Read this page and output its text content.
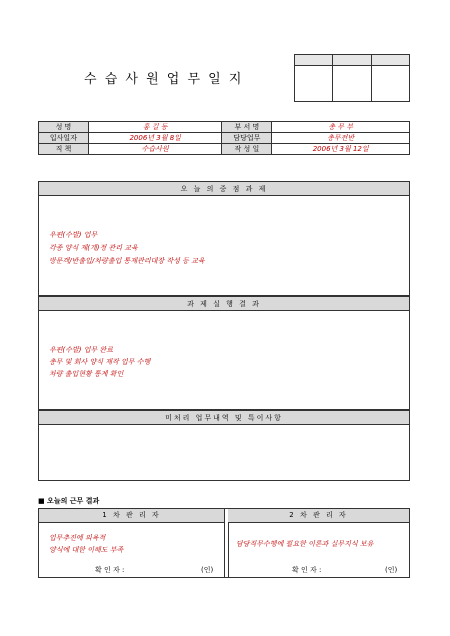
수 습 사 원 업 무 일 지

성 명	홍 길 동	부 서 명	총 무 부
입사일자	2006년 3월 8일	담당업무	총무전반
직 책	수습사원	작 성 일	2006년 3월 12일
오 늘 의 중 점 과 제
우편(수발) 업무
각종 양식 제(개)정 관리 교육
방문객/반출입/차량출입 통제관리대장 작성 등 교육
과 제 실 행 결 과
우편(수발) 업무 완료
총무 및 회사 양식 제작 업무 수행
차량 출입현황 통계 확인
미처리 업무내역 및 특이사항
■ 오늘의 근무 결과
1 차 관 리 자
업무추진에 의욕적
양식에 대한 이해도 부족
확 인 자 :	(인)
2 차 관 리 자
담당직무수행에 필요한 이론과 실무지식 보유
확 인 자 :	(인)
